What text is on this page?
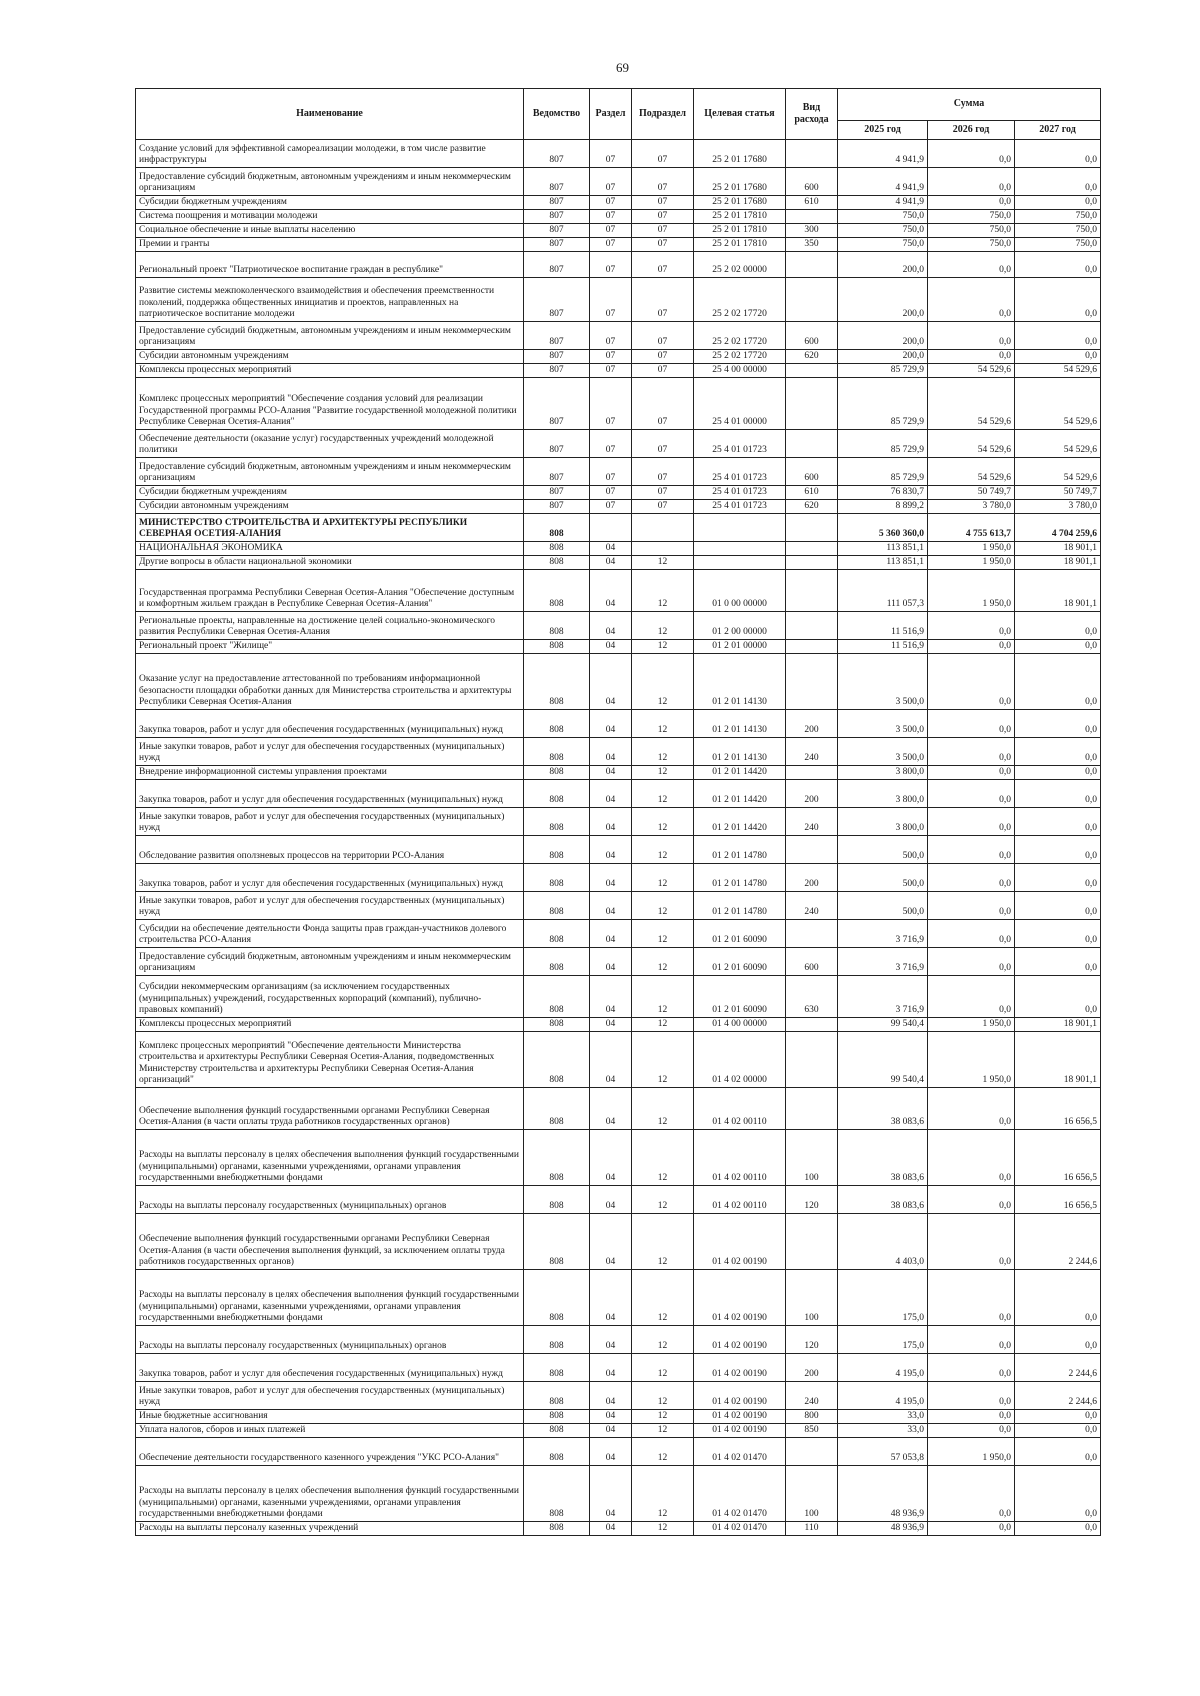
69
Наименование	Ведомство	Раздел	Подраздел	Целевая статья	Вид расхода	Сумма		
						2025 год	2026 год	2027 год
Создание условий для эффективной самореализации молодежи, в том числе развитие инфраструктуры	807	07	07	25 2 01 17680		4 941,9	0,0	0,0
Предоставление субсидий бюджетным, автономным учреждениям и иным некоммерческим организациям	807	07	07	25 2 01 17680	600	4 941,9	0,0	0,0
Субсидии бюджетным учреждениям	807	07	07	25 2 01 17680	610	4 941,9	0,0	0,0
Система поощрения и мотивации молодежи	807	07	07	25 2 01 17810		750,0	750,0	750,0
Социальное обеспечение и иные выплаты населению	807	07	07	25 2 01 17810	300	750,0	750,0	750,0
Премии и гранты	807	07	07	25 2 01 17810	350	750,0	750,0	750,0
Региональный проект "Патриотическое воспитание граждан в республике"	807	07	07	25 2 02 00000		200,0	0,0	0,0
Развитие системы межпоколенческого взаимодействия и обеспечения преемственности поколений, поддержка общественных инициатив и проектов, направленных на патриотическое воспитание молодежи	807	07	07	25 2 02 17720		200,0	0,0	0,0
Предоставление субсидий бюджетным, автономным учреждениям и иным некоммерческим организациям	807	07	07	25 2 02 17720	600	200,0	0,0	0,0
Субсидии автономным учреждениям	807	07	07	25 2 02 17720	620	200,0	0,0	0,0
Комплексы процессных мероприятий	807	07	07	25 4 00 00000		85 729,9	54 529,6	54 529,6
Комплекс процессных мероприятий "Обеспечение создания условий для реализации Государственной программы РСО-Алания "Развитие государственной молодежной политики Республике Северная Осетия-Алания"	807	07	07	25 4 01 00000		85 729,9	54 529,6	54 529,6
Обеспечение деятельности (оказание услуг) государственных учреждений молодежной политики	807	07	07	25 4 01 01723		85 729,9	54 529,6	54 529,6
Предоставление субсидий бюджетным, автономным учреждениям и иным некоммерческим организациям	807	07	07	25 4 01 01723	600	85 729,9	54 529,6	54 529,6
Субсидии бюджетным учреждениям	807	07	07	25 4 01 01723	610	76 830,7	50 749,7	50 749,7
Субсидии автономным учреждениям	807	07	07	25 4 01 01723	620	8 899,2	3 780,0	3 780,0
МИНИСТЕРСТВО СТРОИТЕЛЬСТВА И АРХИТЕКТУРЫ РЕСПУБЛИКИ СЕВЕРНАЯ ОСЕТИЯ-АЛАНИЯ	808					5 360 360,0	4 755 613,7	4 704 259,6
НАЦИОНАЛЬНАЯ ЭКОНОМИКА	808	04				113 851,1	1 950,0	18 901,1
Другие вопросы в области национальной экономики	808	04	12			113 851,1	1 950,0	18 901,1
Государственная программа Республики Северная Осетия-Алания "Обеспечение доступным и комфортным жильем граждан в Республике Северная Осетия-Алания"	808	04	12	01 0 00 00000		111 057,3	1 950,0	18 901,1
Региональные проекты, направленные на достижение целей социально-экономического развития Республики Северная Осетия-Алания	808	04	12	01 2 00 00000		11 516,9	0,0	0,0
Региональный проект "Жилище"	808	04	12	01 2 01 00000		11 516,9	0,0	0,0
Оказание услуг на предоставление аттестованной по требованиям информационной безопасности площадки обработки данных для Министерства строительства и архитектуры Республики Северная Осетия-Алания	808	04	12	01 2 01 14130		3 500,0	0,0	0,0
Закупка товаров, работ и услуг для обеспечения государственных (муниципальных) нужд	808	04	12	01 2 01 14130	200	3 500,0	0,0	0,0
Иные закупки товаров, работ и услуг для обеспечения государственных (муниципальных) нужд	808	04	12	01 2 01 14130	240	3 500,0	0,0	0,0
Внедрение информационной системы управления проектами	808	04	12	01 2 01 14420		3 800,0	0,0	0,0
Закупка товаров, работ и услуг для обеспечения государственных (муниципальных) нужд	808	04	12	01 2 01 14420	200	3 800,0	0,0	0,0
Иные закупки товаров, работ и услуг для обеспечения государственных (муниципальных) нужд	808	04	12	01 2 01 14420	240	3 800,0	0,0	0,0
Обследование развития оползневых процессов на территории РСО-Алания	808	04	12	01 2 01 14780		500,0	0,0	0,0
Закупка товаров, работ и услуг для обеспечения государственных (муниципальных) нужд	808	04	12	01 2 01 14780	200	500,0	0,0	0,0
Иные закупки товаров, работ и услуг для обеспечения государственных (муниципальных) нужд	808	04	12	01 2 01 14780	240	500,0	0,0	0,0
Субсидии на обеспечение деятельности Фонда защиты прав граждан-участников долевого строительства РСО-Алания	808	04	12	01 2 01 60090		3 716,9	0,0	0,0
Предоставление субсидий бюджетным, автономным учреждениям и иным некоммерческим организациям	808	04	12	01 2 01 60090	600	3 716,9	0,0	0,0
Субсидии некоммерческим организациям (за исключением государственных (муниципальных) учреждений, государственных корпораций (компаний), публично-правовых компаний)	808	04	12	01 2 01 60090	630	3 716,9	0,0	0,0
Комплексы процессных мероприятий	808	04	12	01 4 00 00000		99 540,4	1 950,0	18 901,1
Комплекс процессных мероприятий "Обеспечение деятельности Министерства строительства и архитектуры Республики Северная Осетия-Алания, подведомственных Министерству строительства и архитектуры Республики Северная Осетия-Алания организаций"	808	04	12	01 4 02 00000		99 540,4	1 950,0	18 901,1
Обеспечение выполнения функций государственными органами Республики Северная Осетия-Алания (в части оплаты труда работников государственных органов)	808	04	12	01 4 02 00110		38 083,6	0,0	16 656,5
Расходы на выплаты персоналу в целях обеспечения выполнения функций государственными (муниципальными) органами, казенными учреждениями, органами управления государственными внебюджетными фондами	808	04	12	01 4 02 00110	100	38 083,6	0,0	16 656,5
Расходы на выплаты персоналу государственных (муниципальных) органов	808	04	12	01 4 02 00110	120	38 083,6	0,0	16 656,5
Обеспечение выполнения функций государственными органами Республики Северная Осетия-Алания (в части обеспечения выполнения функций, за исключением оплаты труда работников государственных органов)	808	04	12	01 4 02 00190		4 403,0	0,0	2 244,6
Расходы на выплаты персоналу в целях обеспечения выполнения функций государственными (муниципальными) органами, казенными учреждениями, органами управления государственными внебюджетными фондами	808	04	12	01 4 02 00190	100	175,0	0,0	0,0
Расходы на выплаты персоналу государственных (муниципальных) органов	808	04	12	01 4 02 00190	120	175,0	0,0	0,0
Закупка товаров, работ и услуг для обеспечения государственных (муниципальных) нужд	808	04	12	01 4 02 00190	200	4 195,0	0,0	2 244,6
Иные закупки товаров, работ и услуг для обеспечения государственных (муниципальных) нужд	808	04	12	01 4 02 00190	240	4 195,0	0,0	2 244,6
Иные бюджетные ассигнования	808	04	12	01 4 02 00190	800	33,0	0,0	0,0
Уплата налогов, сборов и иных платежей	808	04	12	01 4 02 00190	850	33,0	0,0	0,0
Обеспечение деятельности государственного казенного учреждения "УКС РСО-Алания"	808	04	12	01 4 02 01470		57 053,8	1 950,0	0,0
Расходы на выплаты персоналу в целях обеспечения выполнения функций государственными (муниципальными) органами, казенными учреждениями, органами управления государственными внебюджетными фондами	808	04	12	01 4 02 01470	100	48 936,9	0,0	0,0
Расходы на выплаты персоналу казенных учреждений	808	04	12	01 4 02 01470	110	48 936,9	0,0	0,0
